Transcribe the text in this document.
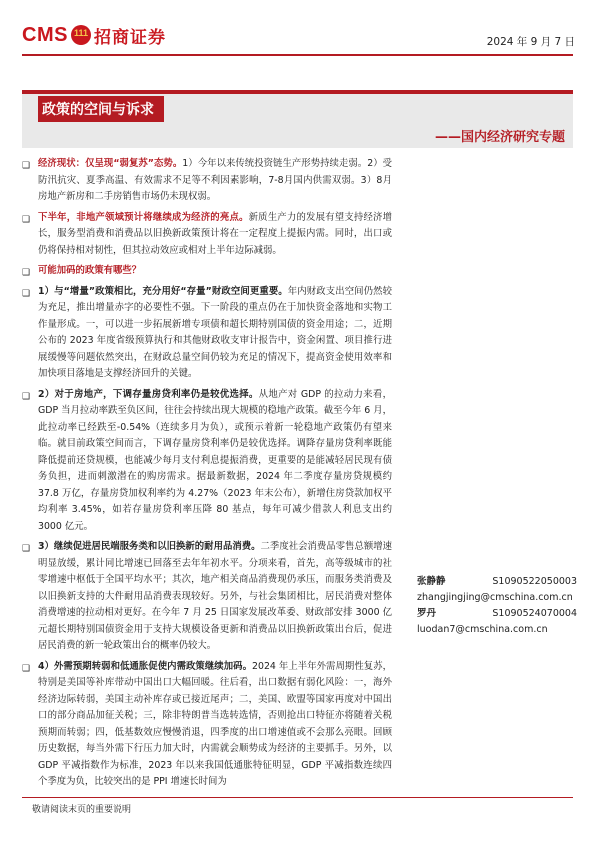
CMS 111 招商证券	2024 年 9 月 7 日
政策的空间与诉求
——国内经济研究专题
❑ 经济现状：仅呈现“弱复苏”态势。1）今年以来传统投资链生产形势持续走弱。2）受防汛抗灾、夏季高温、有效需求不足等不利因素影响，7-8月国内供需双弱。3）8月房地产新房和二手房销售市场仍未现权弱。
❑ 下半年，非地产领域预计将继续成为经济的亮点。新质生产力的发展有望支持经济增长，服务型消费和消费品以旧换新政策预计将在一定程度上提振内需。同时，出口或仍将保持相对韧性，但其拉动效应或相对上半年边际减弱。
❑ 可能加码的政策有哪些？
❑ 1）与“增量”政策相比，充分用好“存量”财政空间更重要。年内财政支出空间仍然较为充足，推出增量赤字的必要性不强。下一阶段的重点仍在于加快资金落地和实物工作量形成。一，可以进一步拓展新增专项债和超长期特别国债的资金用途；二，近期公布的 2023 年度省级预算执行和其他财政收支审计报告中，资金闲置、项目推行进展缓慢等问题依然突出，在财政总量空间仍较为充足的情况下，提高资金使用效率和加快项目落地是支撑经济回升的关键。
❑ 2）对于房地产，下调存量房贷利率仍是较优选择。从地产对 GDP 的拉动力来看，GDP 当月拉动率跌至负区间，往往会持续出现大规模的稳地产政策。截至今年 6 月，此拉动率已经跌至-0.54%（连续多月为负），或预示着新一轮稳地产政策仍有望来临。就目前政策空间而言，下调存量房贷利率仍是较优选择。调降存量房贷利率既能降低提前还贷规模，也能减少每月支付利息提振消费，更重要的是能减轻居民现有债务负担，进而刺激潜在的购房需求。据最新数据，2024 年二季度存量房贷规模约 37.8 万亿，存量房贷加权利率约为 4.27%（2023 年末公布），新增住房贷款加权平均利率 3.45%，如若存量房贷利率压降 80 基点，每年可减少借款人利息支出约 3000 亿元。
❑ 3）继续促进居民端服务类和以旧换新的耐用品消费。二季度社会消费品零售总额增速明显放缓，累计同比增速已回落至去年年初水平。分项来看，首先，高等级城市的社零增速中枢低于全国平均水平；其次，地产相关商品消费现仍承压，而服务类消费及以旧换新支持的大件耐用品消费表现较好。另外，与社会集团相比，居民消费对整体消费增速的拉动相对更好。在今年 7 月 25 日国家发展改革委、财政部安排 3000 亿元超长期特别国债资金用于支持大规模设备更新和消费品以旧换新政策出台后，促进居民消费的新一轮政策出台的概率仍较大。
❑ 4）外需预期转弱和低通胀促使内需政策继续加码。2024 年上半年外需周期性复苏，特别是美国等补库带动中国出口大幅回暖。往后看，出口数据有弱化风险：一，海外经济边际转弱，美国主动补库存或已接近尾声；二，美国、欧盟等国家再度对中国出口的部分商品加征关税；三，除非特朗普当选转选情，否则抢出口特征亦将随着关税预期而转弱；四，低基数效应慢慢消退，四季度的出口增速值或不会那么亮眼。回顾历史数据，每当外需下行压力加大时，内需就会顺势成为经济的主要抓手。另外，以 GDP 平减指数作为标准，2023 年以来我国低通胀特征明显，GDP 平减指数连续四个季度为负，比较突出的是 PPI 增速长时间为
张静静	S1090522050003
zhangjingjing@cmschina.com.cn
罗丹	S1090524070004
luodan7@cmschina.com.cn
敬请阅读末页的重要说明
